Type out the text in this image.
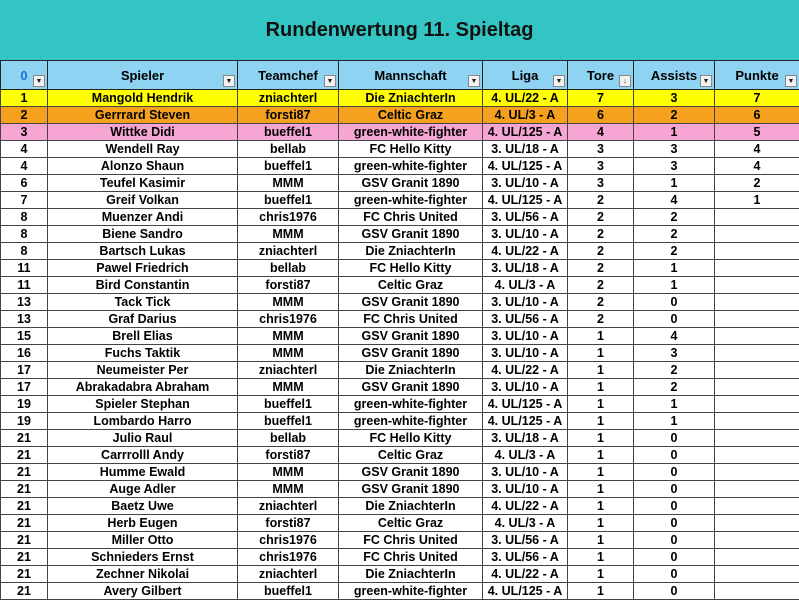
Rundenwertung 11. Spieltag
0 ▼	Spieler ▼	Teamchef ▼	Mannschaft ▼	Liga ▼	Tore ↓	Assists ▼	Punkte ▼

1	Mangold Hendrik	zniachterl	Die ZniachterIn	4. UL/22 - A	7	3	7
2	Gerrrard Steven	forsti87	Celtic Graz	4. UL/3 - A	6	2	6
3	Wittke Didi	bueffel1	green-white-fighter	4. UL/125 - A	4	1	5
4	Wendell Ray	bellab	FC Hello Kitty	3. UL/18 - A	3	3	4
4	Alonzo Shaun	bueffel1	green-white-fighter	4. UL/125 - A	3	3	4
6	Teufel Kasimir	MMM	GSV Granit 1890	3. UL/10 - A	3	1	2
7	Greif Volkan	bueffel1	green-white-fighter	4. UL/125 - A	2	4	1
8	Muenzer Andi	chris1976	FC Chris United	3. UL/56 - A	2	2	
8	Biene Sandro	MMM	GSV Granit 1890	3. UL/10 - A	2	2	
8	Bartsch Lukas	zniachterl	Die ZniachterIn	4. UL/22 - A	2	2	
11	Pawel Friedrich	bellab	FC Hello Kitty	3. UL/18 - A	2	1	
11	Bird Constantin	forsti87	Celtic Graz	4. UL/3 - A	2	1	
13	Tack Tick	MMM	GSV Granit 1890	3. UL/10 - A	2	0	
13	Graf Darius	chris1976	FC Chris United	3. UL/56 - A	2	0	
15	Brell Elias	MMM	GSV Granit 1890	3. UL/10 - A	1	4	
16	Fuchs Taktik	MMM	GSV Granit 1890	3. UL/10 - A	1	3	
17	Neumeister Per	zniachterl	Die ZniachterIn	4. UL/22 - A	1	2	
17	Abrakadabra Abraham	MMM	GSV Granit 1890	3. UL/10 - A	1	2	
19	Spieler Stephan	bueffel1	green-white-fighter	4. UL/125 - A	1	1	
19	Lombardo Harro	bueffel1	green-white-fighter	4. UL/125 - A	1	1	
21	Julio Raul	bellab	FC Hello Kitty	3. UL/18 - A	1	0	
21	Carrrolll Andy	forsti87	Celtic Graz	4. UL/3 - A	1	0	
21	Humme Ewald	MMM	GSV Granit 1890	3. UL/10 - A	1	0	
21	Auge Adler	MMM	GSV Granit 1890	3. UL/10 - A	1	0	
21	Baetz Uwe	zniachterl	Die ZniachterIn	4. UL/22 - A	1	0	
21	Herb Eugen	forsti87	Celtic Graz	4. UL/3 - A	1	0	
21	Miller Otto	chris1976	FC Chris United	3. UL/56 - A	1	0	
21	Schnieders Ernst	chris1976	FC Chris United	3. UL/56 - A	1	0	
21	Zechner Nikolai	zniachterl	Die ZniachterIn	4. UL/22 - A	1	0	
21	Avery Gilbert	bueffel1	green-white-fighter	4. UL/125 - A	1	0	
